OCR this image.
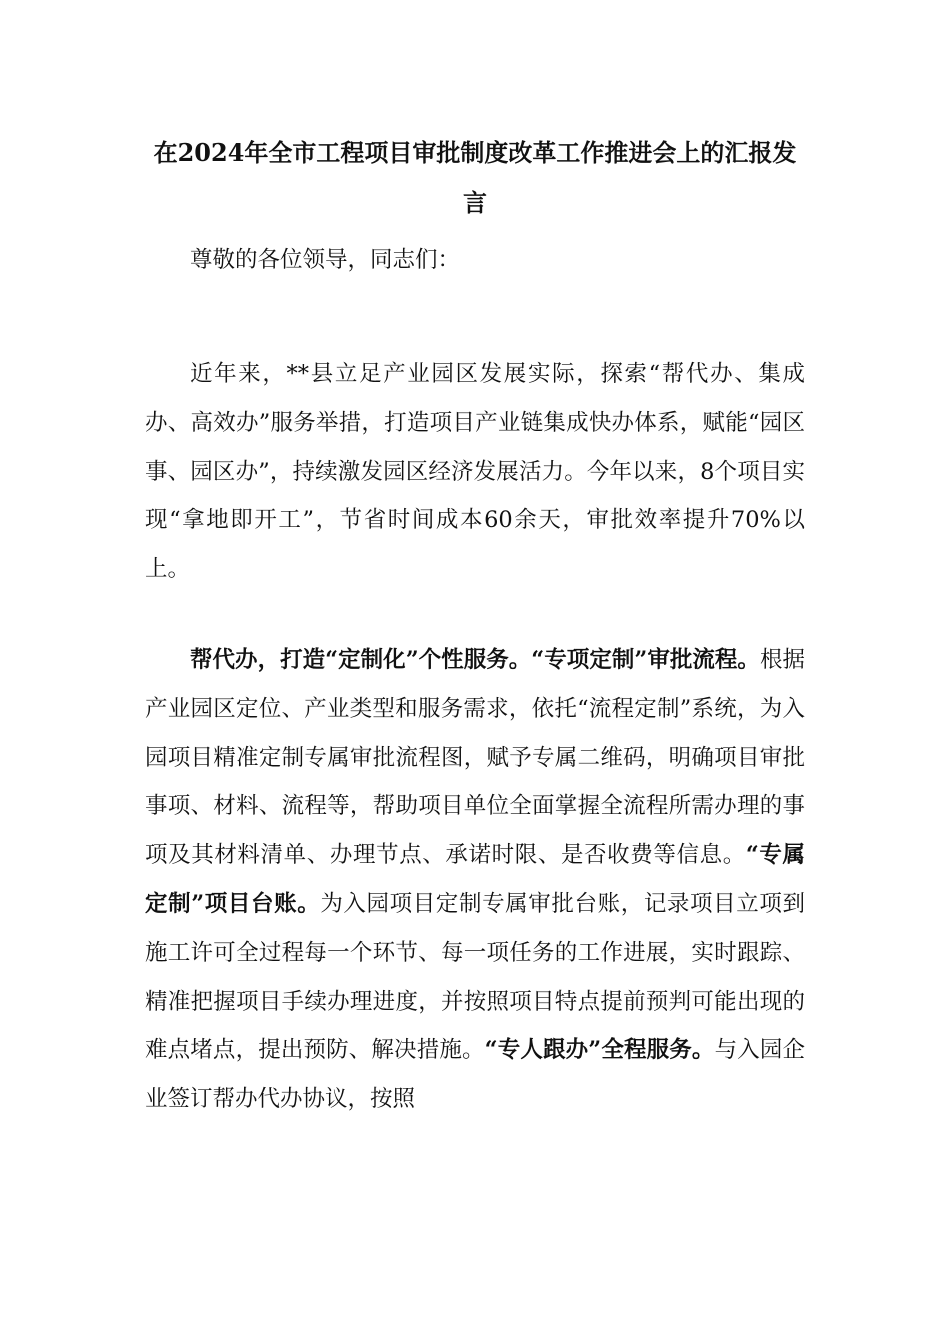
在2024年全市工程项目审批制度改革工作推进会上的汇报发言

尊敬的各位领导，同志们：

近年来，**县立足产业园区发展实际，探索“帮代办、集成办、高效办”服务举措，打造项目产业链集成快办体系，赋能“园区事、园区办”，持续激发园区经济发展活力。今年以来，8个项目实现“拿地即开工”，节省时间成本60余天，审批效率提升70%以上。

帮代办，打造“定制化”个性服务。“专项定制”审批流程。根据产业园区定位、产业类型和服务需求，依托“流程定制”系统，为入园项目精准定制专属审批流程图，赋予专属二维码，明确项目审批事项、材料、流程等，帮助项目单位全面掌握全流程所需办理的事项及其材料清单、办理节点、承诺时限、是否收费等信息。“专属定制”项目台账。为入园项目定制专属审批台账，记录项目立项到施工许可全过程每一个环节、每一项任务的工作进展，实时跟踪、精准把握项目手续办理进度，并按照项目特点提前预判可能出现的难点堵点，提出预防、解决措施。“专人跟办”全程服务。与入园企业签订帮办代办协议，按照
